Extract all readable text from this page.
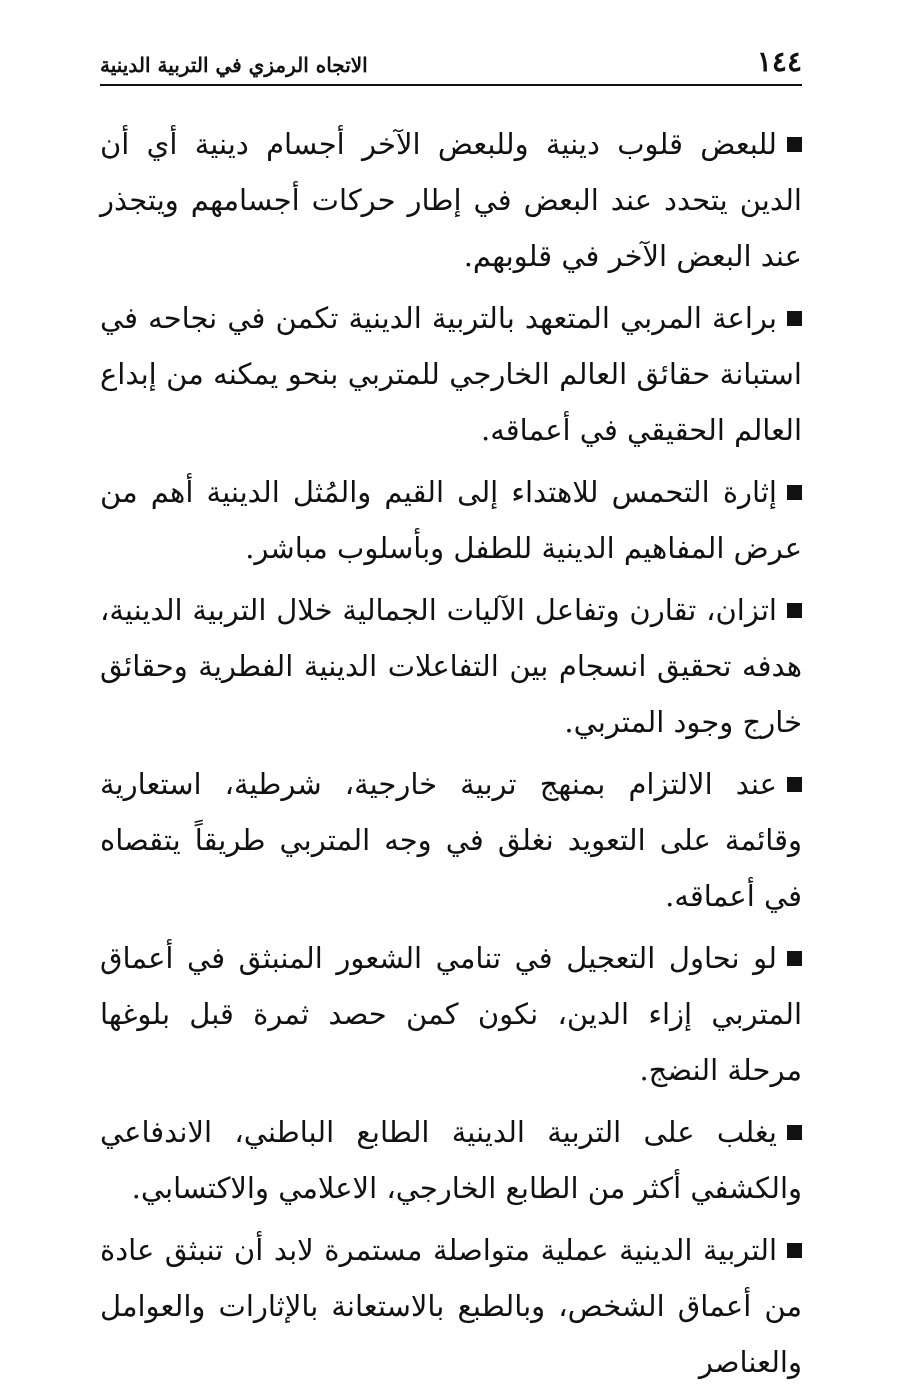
١٤٤
الاتجاه الرمزي في التربية الدينية

للبعض قلوب دينية وللبعض الآخر أجسام دينية أي أن الدين يتحدد عند البعض في إطار حركات أجسامهم ويتجذر عند البعض الآخر في قلوبهم.

براعة المربي المتعهد بالتربية الدينية تكمن في نجاحه في استبانة حقائق العالم الخارجي للمتربي بنحو يمكنه من إبداع العالم الحقيقي في أعماقه.

إثارة التحمس للاهتداء إلى القيم والمُثل الدينية أهم من عرض المفاهيم الدينية للطفل وبأسلوب مباشر.

اتزان، تقارن وتفاعل الآليات الجمالية خلال التربية الدينية، هدفه تحقيق انسجام بين التفاعلات الدينية الفطرية وحقائق خارج وجود المتربي.

عند الالتزام بمنهج تربية خارجية، شرطية، استعارية وقائمة على التعويد نغلق في وجه المتربي طريقاً يتقصاه في أعماقه.

لو نحاول التعجيل في تنامي الشعور المنبثق في أعماق المتربي إزاء الدين، نكون كمن حصد ثمرة قبل بلوغها مرحلة النضج.

يغلب على التربية الدينية الطابع الباطني، الاندفاعي والكشفي أكثر من الطابع الخارجي، الاعلامي والاكتسابي.

التربية الدينية عملية متواصلة مستمرة لابد أن تنبثق عادة من أعماق الشخص، وبالطبع بالاستعانة بالإثارات والعوامل والعناصر
